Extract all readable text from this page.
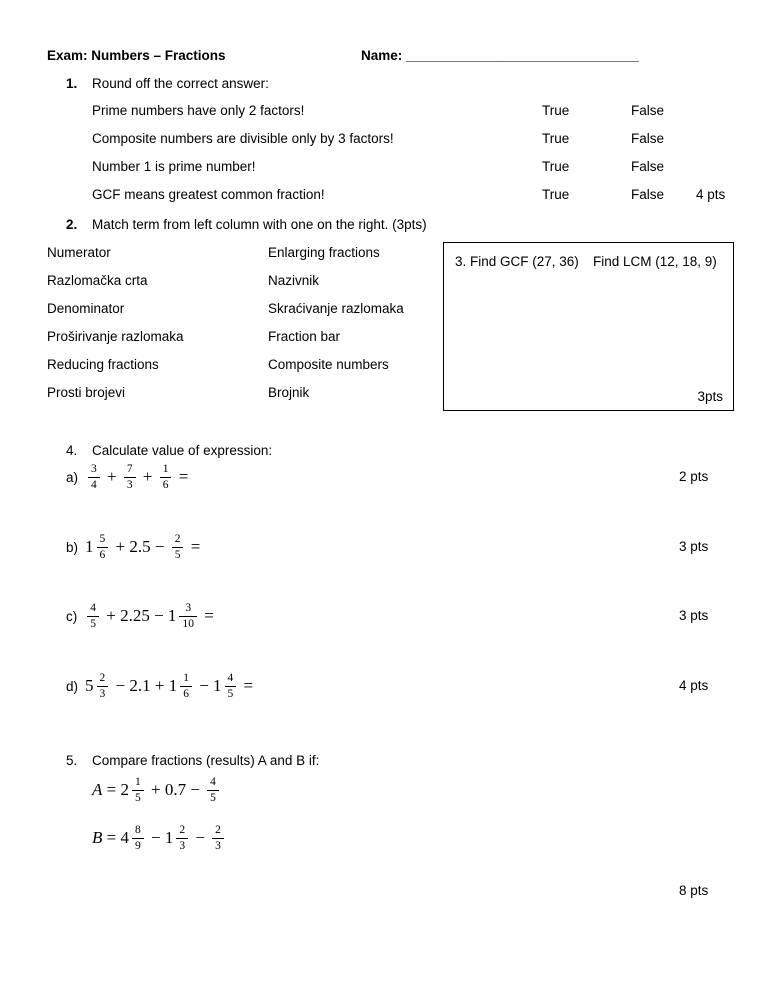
Exam: Numbers – Fractions	Name: _______________________________
1. Round off the correct answer:
Prime numbers have only 2 factors!	True	False
Composite numbers are divisible only by 3 factors!	True	False
Number 1 is prime number!	True	False
GCF means greatest common fraction!	True	False 4 pts
2. Match term from left column with one on the right. (3pts)
Numerator	Enlarging fractions
Razlomačka crta	Nazivnik
Denominator	Skraćivanje razlomaka
Proširivanje razlomaka	Fraction bar
Reducing fractions	Composite numbers
Prosti brojevi	Brojnik
3. Find GCF (27, 36) Find LCM (12, 18, 9)
3pts
4. Calculate value of expression:
$a) \frac{3}{4} + \frac{7}{3} + \frac{1}{6}$ =	2 pts
b) $1 \frac{5}{6} + 2.5 - \frac{2}{5}$ =	3 pts
$c) \frac{4}{5} + 2.25 - 1 \frac{3}{10}$ =	3 pts
d) $5 \frac{2}{3} - 2.1 + 1 \frac{1}{6} - 1 \frac{4}{5}$ =	4 pts
5. Compare fractions (results) A and B if:
$A = 2 \frac{1}{5} + 0.7 - \frac{4}{5}$
$B = 4 \frac{8}{9} - 1 \frac{2}{3} - \frac{2}{3}$
8 pts
